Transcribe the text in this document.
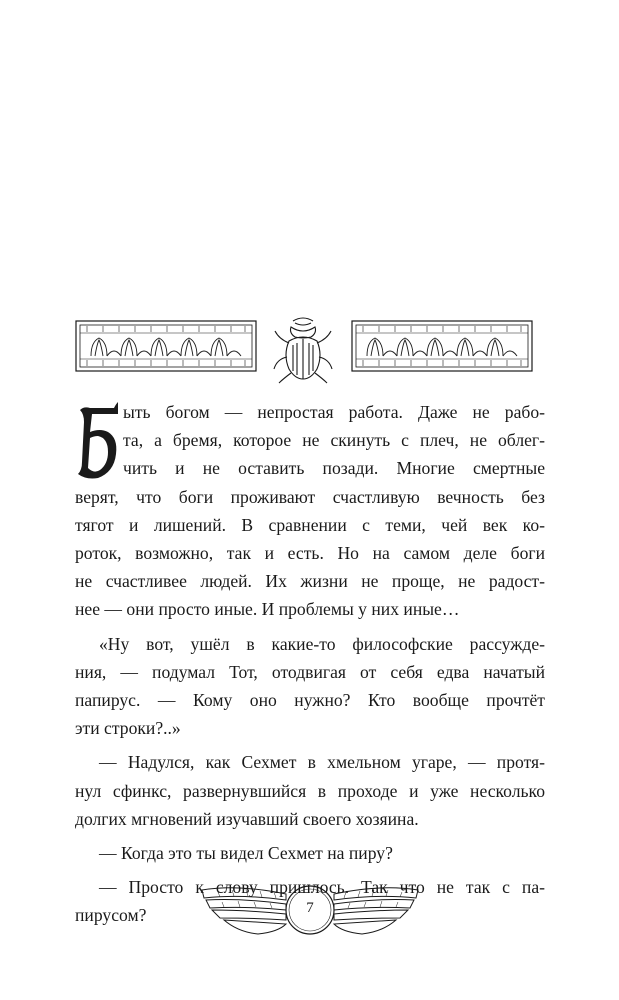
ыть богом — непростая работа. Даже не рабо-
та, а бремя, которое не скинуть с плеч, не облег-
чить и не оставить позади. Многие смертные
верят, что боги проживают счастливую вечность без
тягот и лишений. В сравнении с теми, чей век ко-
роток, возможно, так и есть. Но на самом деле боги
не счастливее людей. Их жизни не проще, не радост-
нее — они просто иные. И проблемы у них иные…
«Ну вот, ушёл в какие-то философские рассужде-
ния, — подумал Тот, отодвигая от себя едва начатый
папирус. — Кому оно нужно? Кто вообще прочтёт
эти строки?..»
— Надулся, как Сехмет в хмельном угаре, — протя-
нул сфинкс, развернувшийся в проходе и уже несколько
долгих мгновений изучавший своего хозяина.
— Когда это ты видел Сехмет на пиру?
— Просто к слову пришлось. Так что не так с па-
пирусом?	7
